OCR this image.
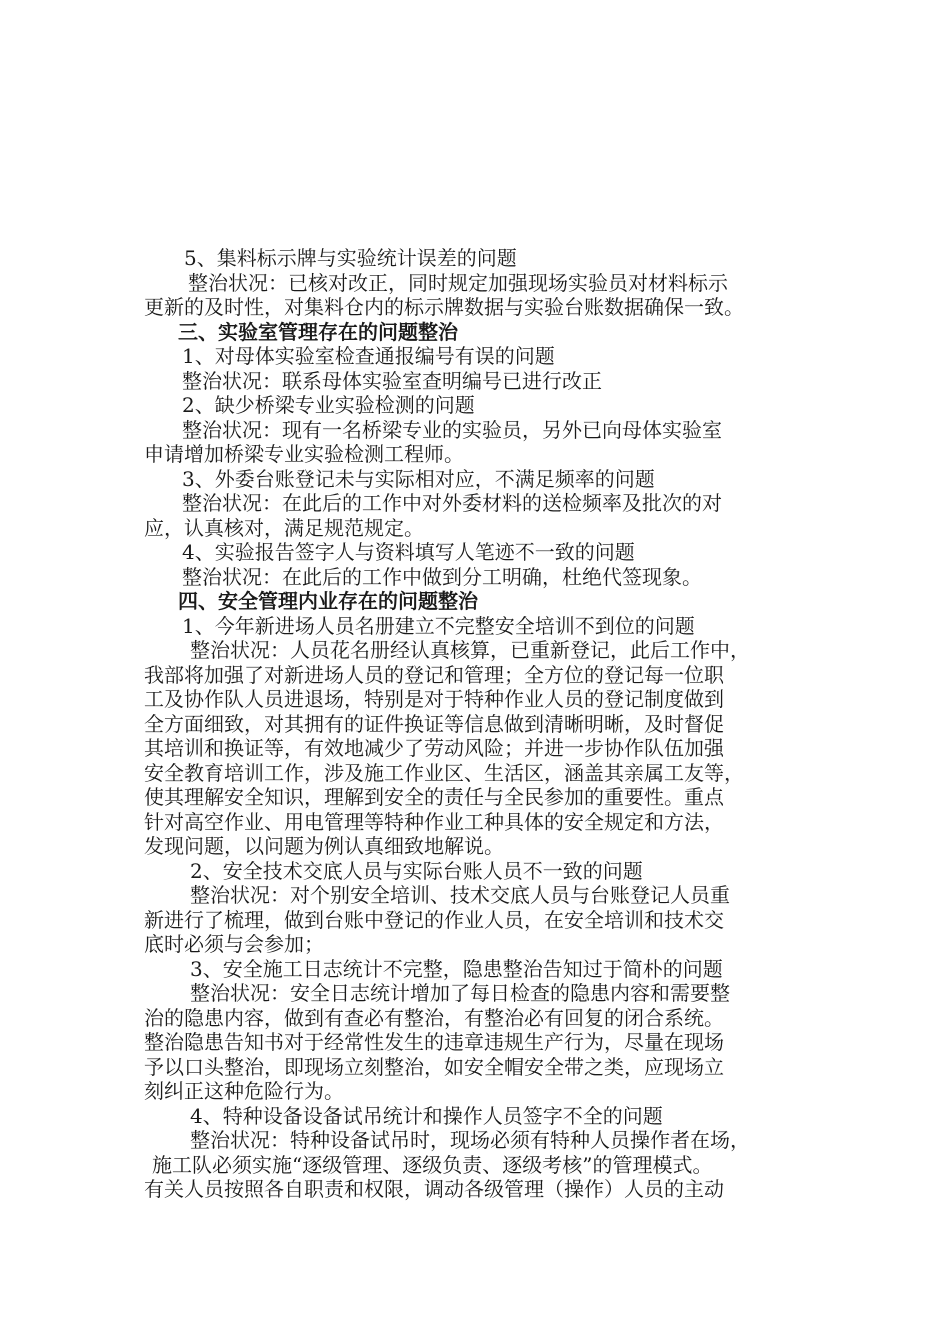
5、集料标示牌与实验统计误差的问题
整治状况：已核对改正，同时规定加强现场实验员对材料标示
更新的及时性，对集料仓内的标示牌数据与实验台账数据确保一致。
三、实验室管理存在的问题整治
1、对母体实验室检查通报编号有误的问题
整治状况：联系母体实验室查明编号已进行改正
2、缺少桥梁专业实验检测的问题
整治状况：现有一名桥梁专业的实验员，另外已向母体实验室
申请增加桥梁专业实验检测工程师。
3、外委台账登记未与实际相对应，不满足频率的问题
整治状况：在此后的工作中对外委材料的送检频率及批次的对
应，认真核对，满足规范规定。
4、实验报告签字人与资料填写人笔迹不一致的问题
整治状况：在此后的工作中做到分工明确，杜绝代签现象。
四、安全管理内业存在的问题整治
1、今年新进场人员名册建立不完整安全培训不到位的问题
整治状况：人员花名册经认真核算，已重新登记，此后工作中，
我部将加强了对新进场人员的登记和管理；全方位的登记每一位职
工及协作队人员进退场，特别是对于特种作业人员的登记制度做到
全方面细致，对其拥有的证件换证等信息做到清晰明晰，及时督促
其培训和换证等，有效地减少了劳动风险；并进一步协作队伍加强
安全教育培训工作，涉及施工作业区、生活区，涵盖其亲属工友等，
使其理解安全知识，理解到安全的责任与全民参加的重要性。重点
针对高空作业、用电管理等特种作业工种具体的安全规定和方法，
发现问题，以问题为例认真细致地解说。
2、安全技术交底人员与实际台账人员不一致的问题
整治状况：对个别安全培训、技术交底人员与台账登记人员重
新进行了梳理，做到台账中登记的作业人员，在安全培训和技术交
底时必须与会参加；
3、安全施工日志统计不完整，隐患整治告知过于简朴的问题
整治状况：安全日志统计增加了每日检查的隐患内容和需要整
治的隐患内容，做到有查必有整治，有整治必有回复的闭合系统。
整治隐患告知书对于经常性发生的违章违规生产行为，尽量在现场
予以口头整治，即现场立刻整治，如安全帽安全带之类，应现场立
刻纠正这种危险行为。
4、特种设备设备试吊统计和操作人员签字不全的问题
整治状况：特种设备试吊时，现场必须有特种人员操作者在场，
施工队必须实施“逐级管理、逐级负责、逐级考核”的管理模式。
有关人员按照各自职责和权限，调动各级管理（操作）人员的主动
